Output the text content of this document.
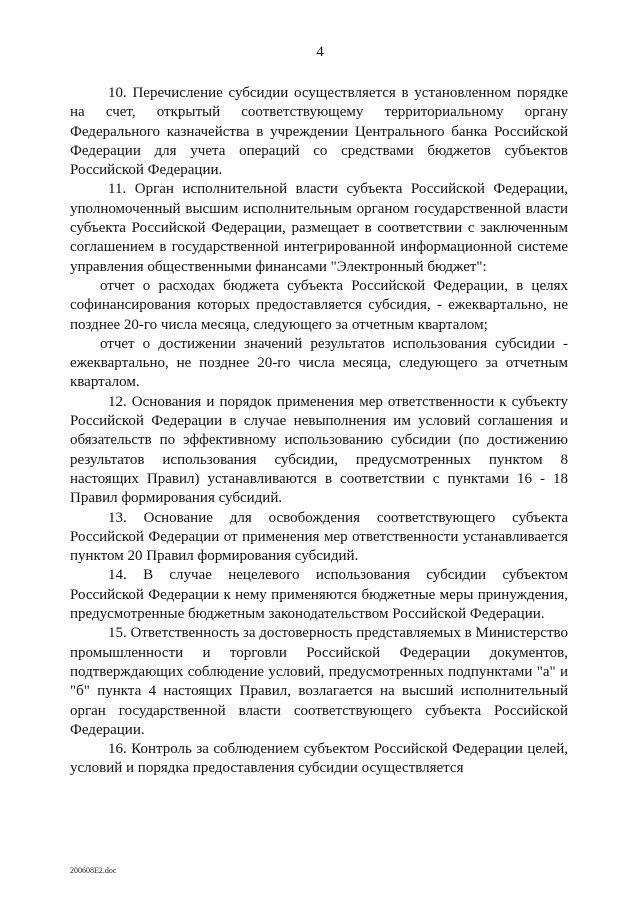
4

10. Перечисление субсидии осуществляется в установленном порядке на счет, открытый соответствующему территориальному органу Федерального казначейства в учреждении Центрального банка Российской Федерации для учета операций со средствами бюджетов субъектов Российской Федерации.

11. Орган исполнительной власти субъекта Российской Федерации, уполномоченный высшим исполнительным органом государственной власти субъекта Российской Федерации, размещает в соответствии с заключенным соглашением в государственной интегрированной информационной системе управления общественными финансами "Электронный бюджет":

отчет о расходах бюджета субъекта Российской Федерации, в целях софинансирования которых предоставляется субсидия, - ежеквартально, не позднее 20-го числа месяца, следующего за отчетным кварталом;

отчет о достижении значений результатов использования субсидии - ежеквартально, не позднее 20-го числа месяца, следующего за отчетным кварталом.

12. Основания и порядок применения мер ответственности к субъекту Российской Федерации в случае невыполнения им условий соглашения и обязательств по эффективному использованию субсидии (по достижению результатов использования субсидии, предусмотренных пунктом 8 настоящих Правил) устанавливаются в соответствии с пунктами 16 - 18 Правил формирования субсидий.

13. Основание для освобождения соответствующего субъекта Российской Федерации от применения мер ответственности устанавливается пунктом 20 Правил формирования субсидий.

14. В случае нецелевого использования субсидии субъектом Российской Федерации к нему применяются бюджетные меры принуждения, предусмотренные бюджетным законодательством Российской Федерации.

15. Ответственность за достоверность представляемых в Министерство промышленности и торговли Российской Федерации документов, подтверждающих соблюдение условий, предусмотренных подпунктами "а" и "б" пункта 4 настоящих Правил, возлагается на высший исполнительный орган государственной власти соответствующего субъекта Российской Федерации.

16. Контроль за соблюдением субъектом Российской Федерации целей, условий и порядка предоставления субсидии осуществляется

200608E2.doc
